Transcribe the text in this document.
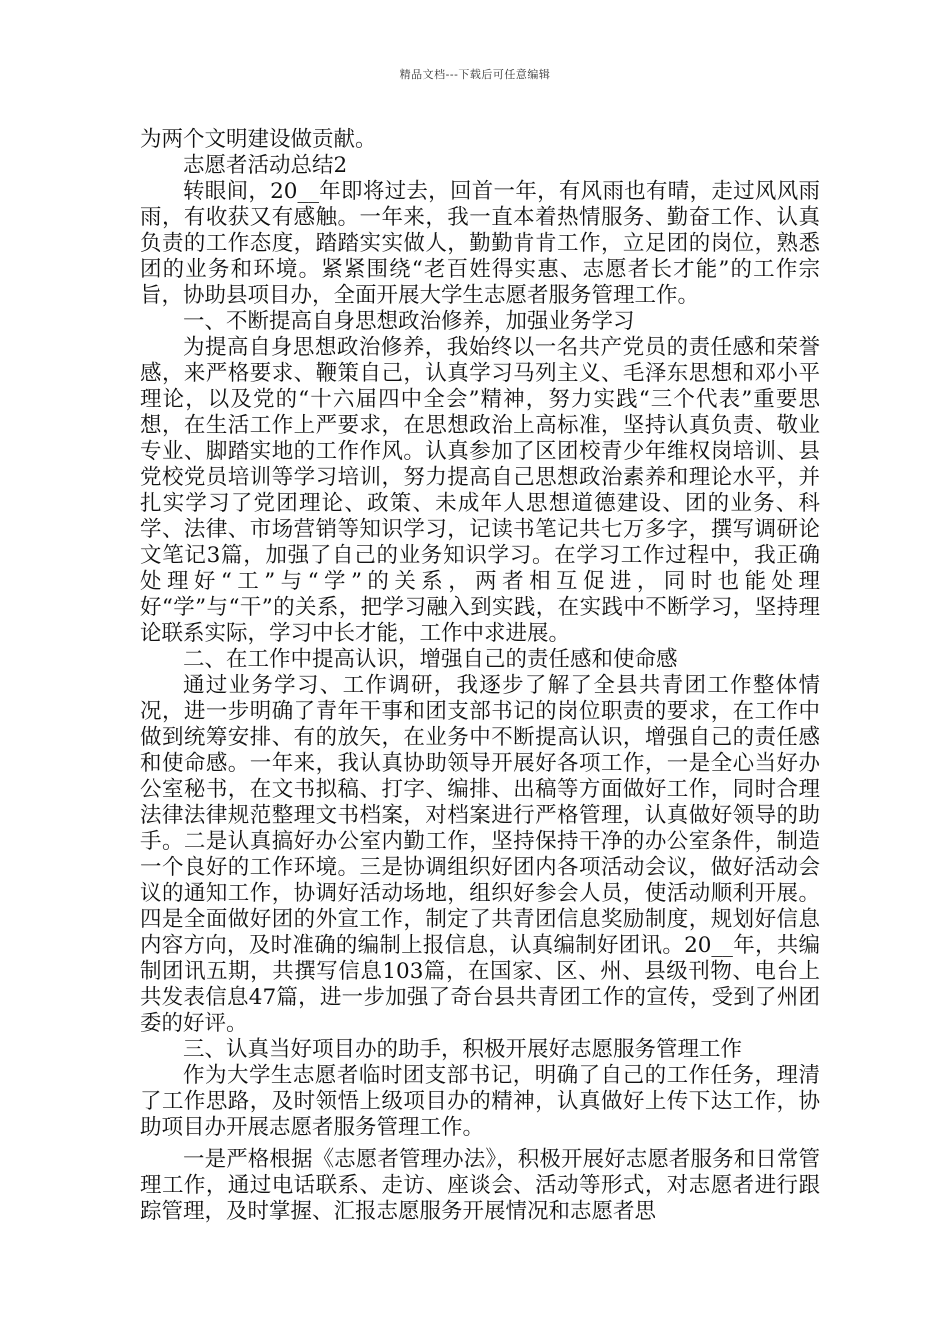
精品文档---下载后可任意编辑

为两个文明建设做贡献。

志愿者活动总结2

转眼间，20__年即将过去，回首一年，有风雨也有晴，走过风风雨雨，有收获又有感触。一年来，我一直本着热情服务、勤奋工作、认真负责的工作态度，踏踏实实做人，勤勤肯肯工作，立足团的岗位，熟悉团的业务和环境。紧紧围绕“老百姓得实惠、志愿者长才能”的工作宗旨，协助县项目办，全面开展大学生志愿者服务管理工作。

一、不断提高自身思想政治修养，加强业务学习

为提高自身思想政治修养，我始终以一名共产党员的责任感和荣誉感，来严格要求、鞭策自己，认真学习马列主义、毛泽东思想和邓小平理论，以及党的“十六届四中全会”精神，努力实践“三个代表”重要思想，在生活工作上严要求，在思想政治上高标准，坚持认真负责、敬业专业、脚踏实地的工作作风。认真参加了区团校青少年维权岗培训、县党校党员培训等学习培训，努力提高自己思想政治素养和理论水平，并扎实学习了党团理论、政策、未成年人思想道德建设、团的业务、科学、法律、市场营销等知识学习，记读书笔记共七万多字，撰写调研论文笔记3篇，加强了自己的业务知识学习。在学习工作过程中，我正确处理好“工”与“学”的关系，两者相互促进，同时也能处理好“学”与“干”的关系，把学习融入到实践，在实践中不断学习，坚持理论联系实际，学习中长才能，工作中求进展。

二、在工作中提高认识，增强自己的责任感和使命感

通过业务学习、工作调研，我逐步了解了全县共青团工作整体情况，进一步明确了青年干事和团支部书记的岗位职责的要求，在工作中做到统筹安排、有的放矢，在业务中不断提高认识，增强自己的责任感和使命感。一年来，我认真协助领导开展好各项工作，一是全心当好办公室秘书，在文书拟稿、打字、编排、出稿等方面做好工作，同时合理法律法律规范整理文书档案，对档案进行严格管理，认真做好领导的助手。二是认真搞好办公室内勤工作，坚持保持干净的办公室条件，制造一个良好的工作环境。三是协调组织好团内各项活动会议，做好活动会议的通知工作，协调好活动场地，组织好参会人员，使活动顺利开展。四是全面做好团的外宣工作，制定了共青团信息奖励制度，规划好信息内容方向，及时准确的编制上报信息，认真编制好团讯。20__年，共编制团讯五期，共撰写信息103篇，在国家、区、州、县级刊物、电台上共发表信息47篇，进一步加强了奇台县共青团工作的宣传，受到了州团委的好评。

三、认真当好项目办的助手，积极开展好志愿服务管理工作

作为大学生志愿者临时团支部书记，明确了自己的工作任务，理清了工作思路，及时领悟上级项目办的精神，认真做好上传下达工作，协助项目办开展志愿者服务管理工作。

一是严格根据《志愿者管理办法》，积极开展好志愿者服务和日常管理工作，通过电话联系、走访、座谈会、活动等形式，对志愿者进行跟踪管理，及时掌握、汇报志愿服务开展情况和志愿者思
